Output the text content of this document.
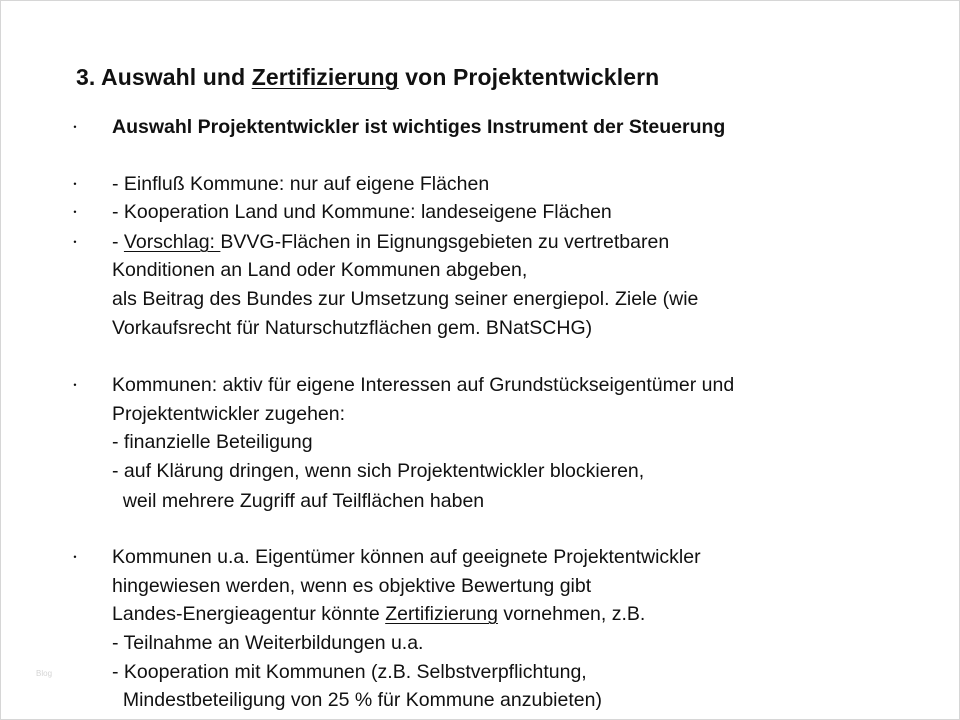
3. Auswahl und Zertifizierung von Projektentwicklern
• Auswahl Projektentwickler ist wichtiges Instrument der Steuerung
• - Einfluß Kommune: nur auf eigene Flächen
• - Kooperation Land und Kommune: landeseigene Flächen
• - Vorschlag: BVVG-Flächen in Eignungsgebieten zu vertretbaren
Konditionen an Land oder Kommunen abgeben,
als Beitrag des Bundes zur Umsetzung seiner energiepol. Ziele (wie
Vorkaufsrecht für Naturschutzflächen gem. BNatSCHG)
• Kommunen: aktiv für eigene Interessen auf Grundstückseigentümer und
Projektentwickler zugehen:
- finanzielle Beteiligung
- auf Klärung dringen, wenn sich Projektentwickler blockieren,
weil mehrere Zugriff auf Teilflächen haben
• Kommunen u.a. Eigentümer können auf geeignete Projektentwickler
hingewiesen werden, wenn es objektive Bewertung gibt
Landes-Energieagentur könnte Zertifizierung vornehmen, z.B.
- Teilnahme an Weiterbildungen u.a.
- Kooperation mit Kommunen (z.B. Selbstverpflichtung,
Mindestbeteiligung von 25 % für Kommune anzubieten)
Blog
